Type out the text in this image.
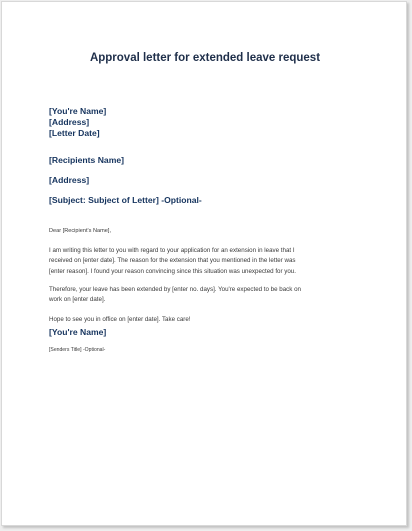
Approval letter for extended leave request
[You're Name]
[Address]
[Letter Date]
[Recipients Name]
[Address]
[Subject: Subject of Letter] -Optional-
Dear [Recipient's Name],
I am writing this letter to you with regard to your application for an extension in leave that I
received on [enter date]. The reason for the extension that you mentioned in the letter was
[enter reason]. I found your reason convincing since this situation was unexpected for you.
Therefore, your leave has been extended by [enter no. days]. You're expected to be back on
work on [enter date].
Hope to see you in office on [enter date]. Take care!
[You're Name]
[Senders Title] -Optional-
